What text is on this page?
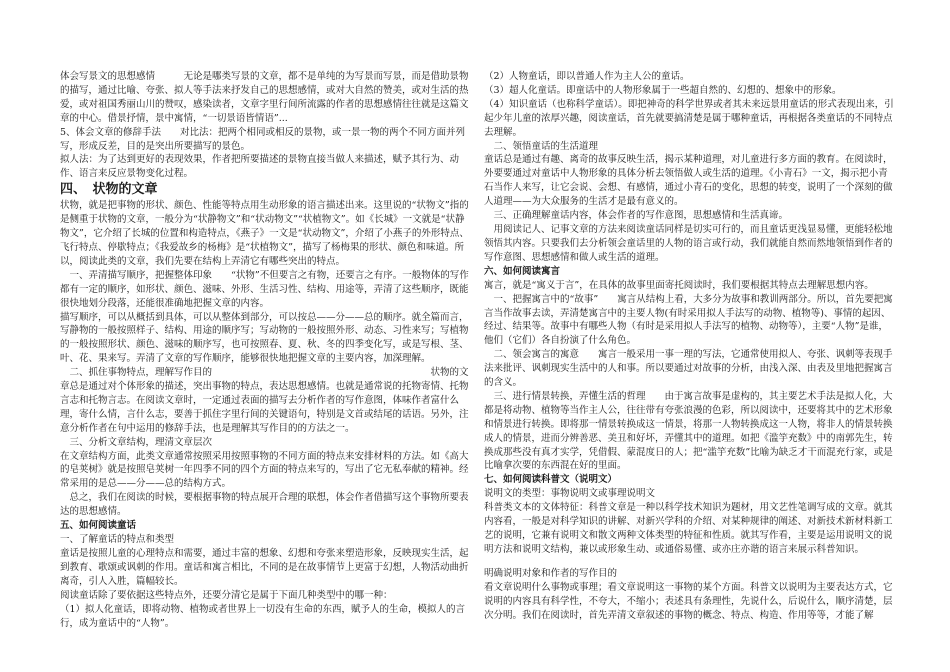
体会写景文的思想感情　　　无论是哪类写景的文章，都不是单纯的为写景而写景，而是借助景物的描写，通过比喻、夸张、拟人等手法来抒发自己的思想感情，或对大自然的赞美，或对生活的热爱，或对祖国秀丽山川的赞叹，感染读者，文章字里行间所流露的作者的思想感情往往就是这篇文章的中心。借景抒情，景中寓情，“一切景语皆情语”...

5、体会文章的修辞手法　　对比法：把两个相同或相反的景物，或一景一物的两个不同方面并列写，形成反差，目的是突出所要描写的景色。

拟人法：为了达到更好的表现效果，作者把所要描述的景物直接当做人来描述，赋予其行为、动作、语言来反应景物变化过程。

四、　状物的文章

状物，就是把事物的形状、颜色、性能等特点用生动形象的语言描述出来。这里说的“状物文”指的是侧重于状物的文章，一般分为“状静物文”和“状动物文”“状植物文”。如《长城》一文就是“状静物文”，它介绍了长城的位置和构造特点，《燕子》一文是“状动物文”，介绍了小燕子的外形特点、飞行特点、停歇特点；《我爱故乡的杨梅》是“状植物文”，描写了杨梅果的形状、颜色和味道。所以，阅读此类的文章，我们先要在结构上弄清它有哪些突出的特点。

一、弄清描写顺序，把握整体印象　　“状物”不但要言之有物，还要言之有序。一般物体的写作都有一定的顺序，如形状、颜色、滋味、外形、生活习性、结构、用途等，弄清了这些顺序，既能很快地划分段落，还能很准确地把握文章的内容。

描写顺序，可以从概括到具体，可以从整体到部分，可以按总——分——总的顺序。就全篇而言，写静物的一般按照样子、结构、用途的顺序写；写动物的一般按照外形、动态、习性来写；写植物的一般按照形状、颜色、滋味的顺序写，也可按照春、夏、秋、冬的四季变化写，或是写根、茎、叶、花、果来写。弄清了文章的写作顺序，能够很快地把握文章的主要内容，加深理解。

二、抓住事物特点，理解写作目的　　　　　　　　　　　　　　　　　　　　　　　状物的文章总是通过对个体形象的描述，突出事物的特点，表达思想感情。也就是通常说的托物寄情、托物言志和托物言志。在阅读文章时，一定通过表面的描写去分析作者的写作意图，体味作者富什么理，寄什么情，言什么志，要善于抓住字里行间的关键语句，特别是文首或结尾的话语。另外，注意分析作者在句中运用的修辞手法，也是理解其写作目的的方法之一。

三、分析文章结构，理清文章层次

在文章结构方面，此类文章通常按照采用按照事物的不同方面的特点来安排材料的方法。如《高大的皂荚树》就是按照皂荚树一年四季不同的四个方面的特点来写的，写出了它无私奉献的精神。经常采用的是总——分——总的结构方式。

总之，我们在阅读的时候，要根据事物的特点展开合理的联想，体会作者借描写这个事物所要表达的思想感情。

五、如何阅读童话

一、了解童话的特点和类型

童话是按照儿童的心理特点和需要，通过丰富的想象、幻想和夸张来塑造形象，反映现实生活，起到教育、歌颂或讽刺的作用。童话和寓言相比，不同的是在故事情节上更富于幻想，人物活动曲折离奇，引人入胜，篇幅较长。

阅读童话除了要依据这些特点外，还要分清它是属于下面几种类型中的哪一种：

（1）拟人化童话，即将动物、植物或者世界上一切没有生命的东西，赋予人的生命，模拟人的言行，成为童话中的“人物”。

（2）人物童话，即以普通人作为主人公的童话。

（3）超人化童话。即童话中的人物形象属于一些超自然的、幻想的、想象中的形象。

（4）知识童话（也称科学童话）。即把神奇的科学世界或者其未来远景用童话的形式表现出来，引起少年儿童的浓厚兴趣，阅读童话，首先就要搞清楚是属于哪种童话，再根据各类童话的不同特点去理解。

二、领悟童话的生活道理

童话总是通过有趣、离奇的故事反映生活，揭示某种道理，对儿童进行多方面的教育。在阅读时，外要要通过对童话中人物形象的具体分析去领悟做人或生活的道理。《小青石》一文，揭示把小青石当作人来写，让它会说、会想、有感情，通过小青石的变化，思想的转变，说明了一个深刻的做人道理——为大众服务的生活才是最有意义的。

三、正确理解童话内容，体会作者的写作意图，思想感情和生活真谛。

用阅读记人、记事文章的方法来阅读童话同样是切实可行的，而且童话更浅显易懂，更能轻松地领悟其内容。只要我们去分析领会童话里的人物的语言或行动，我们就能自然而然地领悟到作者的写作意图、思想感情和做人或生活的道理。

六、如何阅读寓言

寓言，就是“寓义于言”，在具体的故事里面寄托阅读时，我们要根据其特点去理解思想内容。

一、把握寓言中的“故事”　　寓言从结构上看，大多分为故事和教训两部分。所以，首先要把寓言当作故事去读，弄清楚寓言中的主要人物(有时采用拟人手法写的动物、植物等)、事情的起因、经过、结果等。故事中有哪些人物（有时是采用拟人手法写的植物、动物等），主要“人物”是谁，他们（它们）各自扮演了什么角色。

二、领会寓言的寓意　　寓言一般采用一事一理的写法，它通常使用拟人、夸张、讽刺等表现手法来批评、讽刺现实生活中的人和事。所以要通过对故事的分析，由浅入深、由表及里地把握寓言的含义。

三、进行情景转换，弄懂生活的哲理　　由于寓言故事是虚构的，其主要艺术手法是拟人化，大都是将动物、植物等当作主人公，往往带有夸张浪漫的色彩，所以阅读中，还要将其中的艺术形象和情景进行转换。即将那一情景转换成这一情景，将那一人物转换成这一人物，将非人的情景转换成人的情景，进而分辨善恶、美丑和好坏，弄懂其中的道理。如把《滥竽充数》中的南郭先生，转换成那些没有真才实学，凭借假、蒙混度日的人；把“滥竽充数”比喻为缺乏才干而混充行家，或是比喻拿次要的东西混在好的里面。

七、如何阅读科普文（说明文）

说明文的类型：事物说明文或事理说明文

科普类文本的文体特征：科普文章是一种以科学技术知识为题材，用文艺性笔调写成的文章。就其内容看，一般是对科学知识的讲解、对新兴学科的介绍、对某种规律的阐述、对新技术新材料新工艺的说明，它兼有说明文和散文两种文体类型的特征和性质。就其写作看，主要是运用说明文的说明方法和说明文结构，兼以或形象生动、或通俗易懂、或亦庄亦谐的语言来展示科普知识。

明确说明对象和作者的写作目的

看文章说明什么事物或事理；看文章说明这一事物的某个方面。科普文以说明为主要表达方式，它说明的内容具有科学性，不夸大，不缩小；表述具有条理性，先说什么，后说什么，顺序清楚，层次分明。我们在阅读时，首先弄清文章叙述的事物的概念、特点、构造、作用等等，才能了解
